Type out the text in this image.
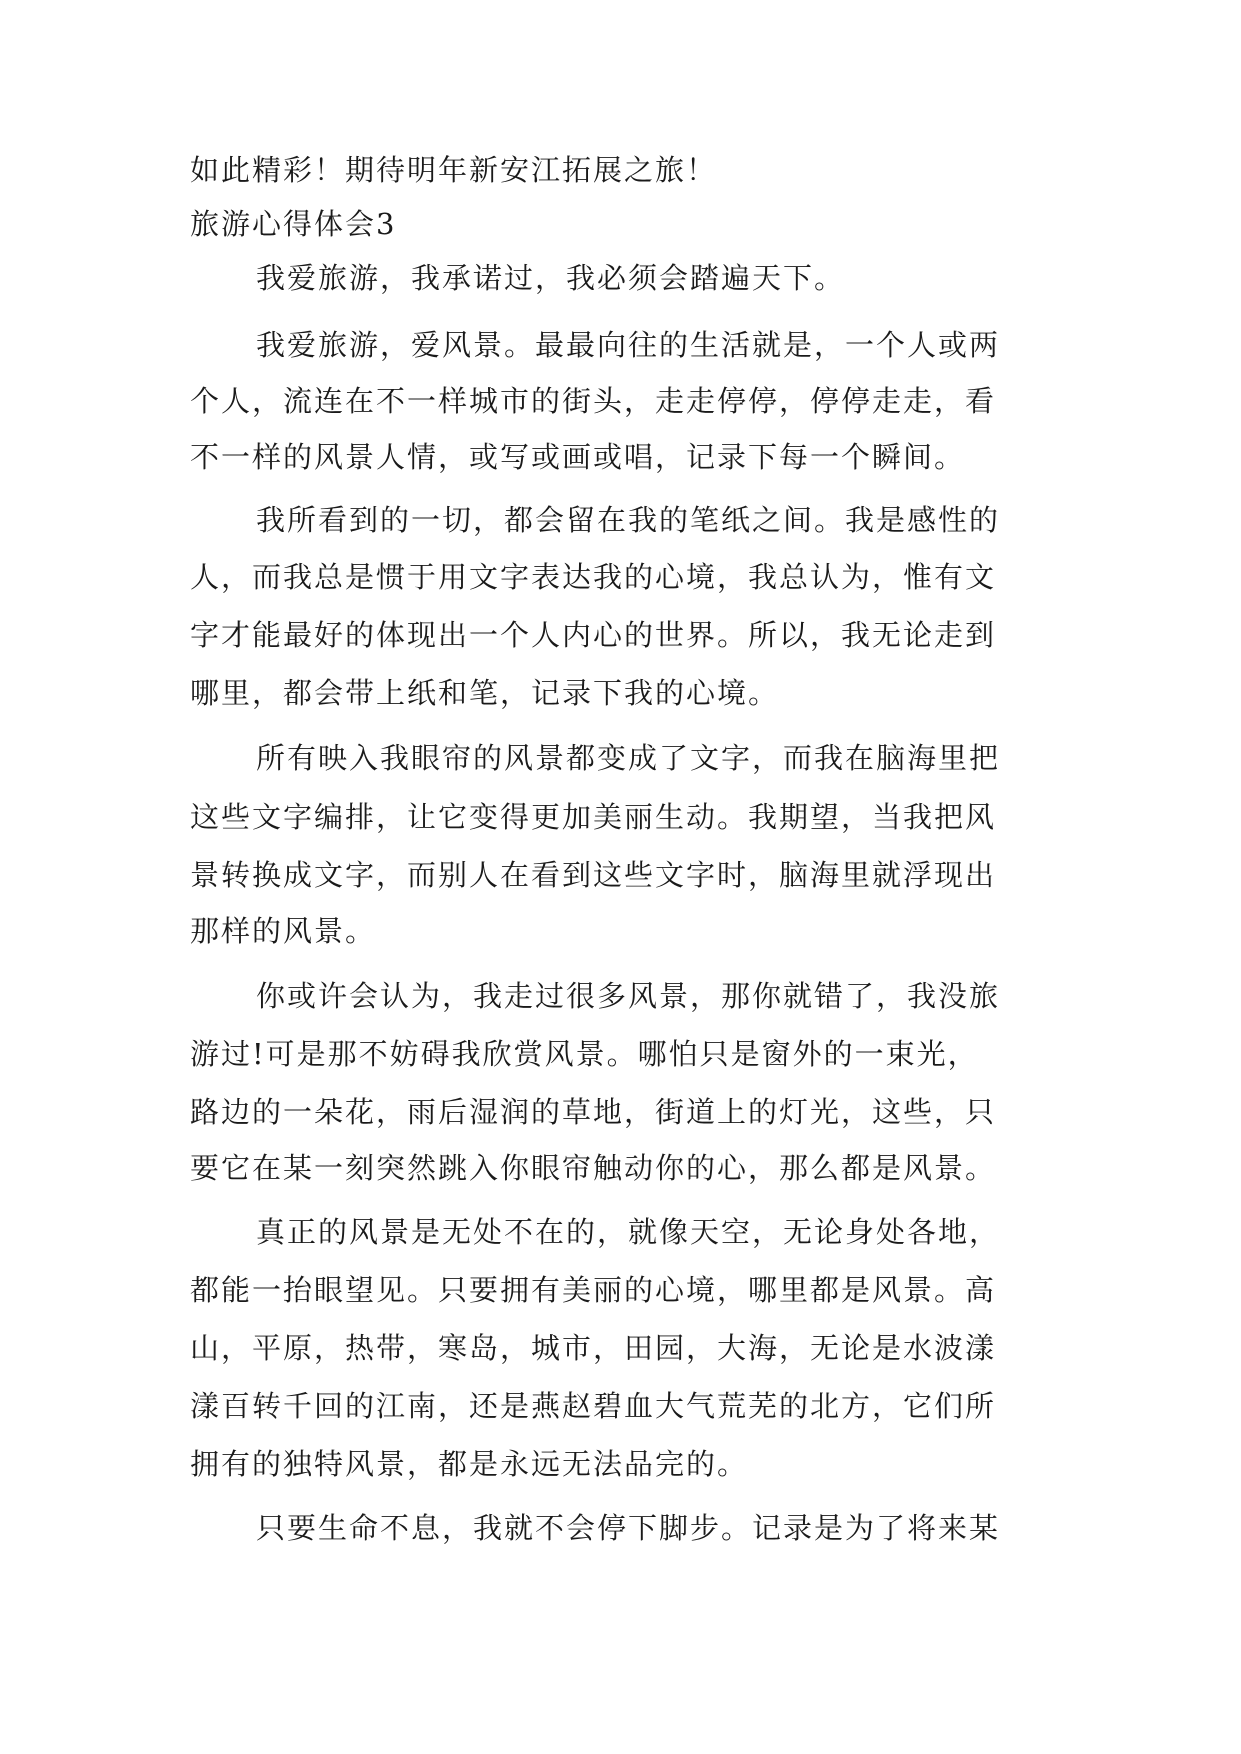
如此精彩！期待明年新安江拓展之旅！
旅游心得体会3
我爱旅游，我承诺过，我必须会踏遍天下。
我爱旅游，爱风景。最最向往的生活就是，一个人或两
个人，流连在不一样城市的街头，走走停停，停停走走，看
不一样的风景人情，或写或画或唱，记录下每一个瞬间。
我所看到的一切，都会留在我的笔纸之间。我是感性的
人，而我总是惯于用文字表达我的心境，我总认为，惟有文
字才能最好的体现出一个人内心的世界。所以，我无论走到
哪里，都会带上纸和笔，记录下我的心境。
所有映入我眼帘的风景都变成了文字，而我在脑海里把
这些文字编排，让它变得更加美丽生动。我期望，当我把风
景转换成文字，而别人在看到这些文字时，脑海里就浮现出
那样的风景。
你或许会认为，我走过很多风景，那你就错了，我没旅
游过!可是那不妨碍我欣赏风景。哪怕只是窗外的一束光，
路边的一朵花，雨后湿润的草地，街道上的灯光，这些，只
要它在某一刻突然跳入你眼帘触动你的心，那么都是风景。
真正的风景是无处不在的，就像天空，无论身处各地，
都能一抬眼望见。只要拥有美丽的心境，哪里都是风景。高
山，平原，热带，寒岛，城市，田园，大海，无论是水波漾
漾百转千回的江南，还是燕赵碧血大气荒芜的北方，它们所
拥有的独特风景，都是永远无法品完的。
只要生命不息，我就不会停下脚步。记录是为了将来某
